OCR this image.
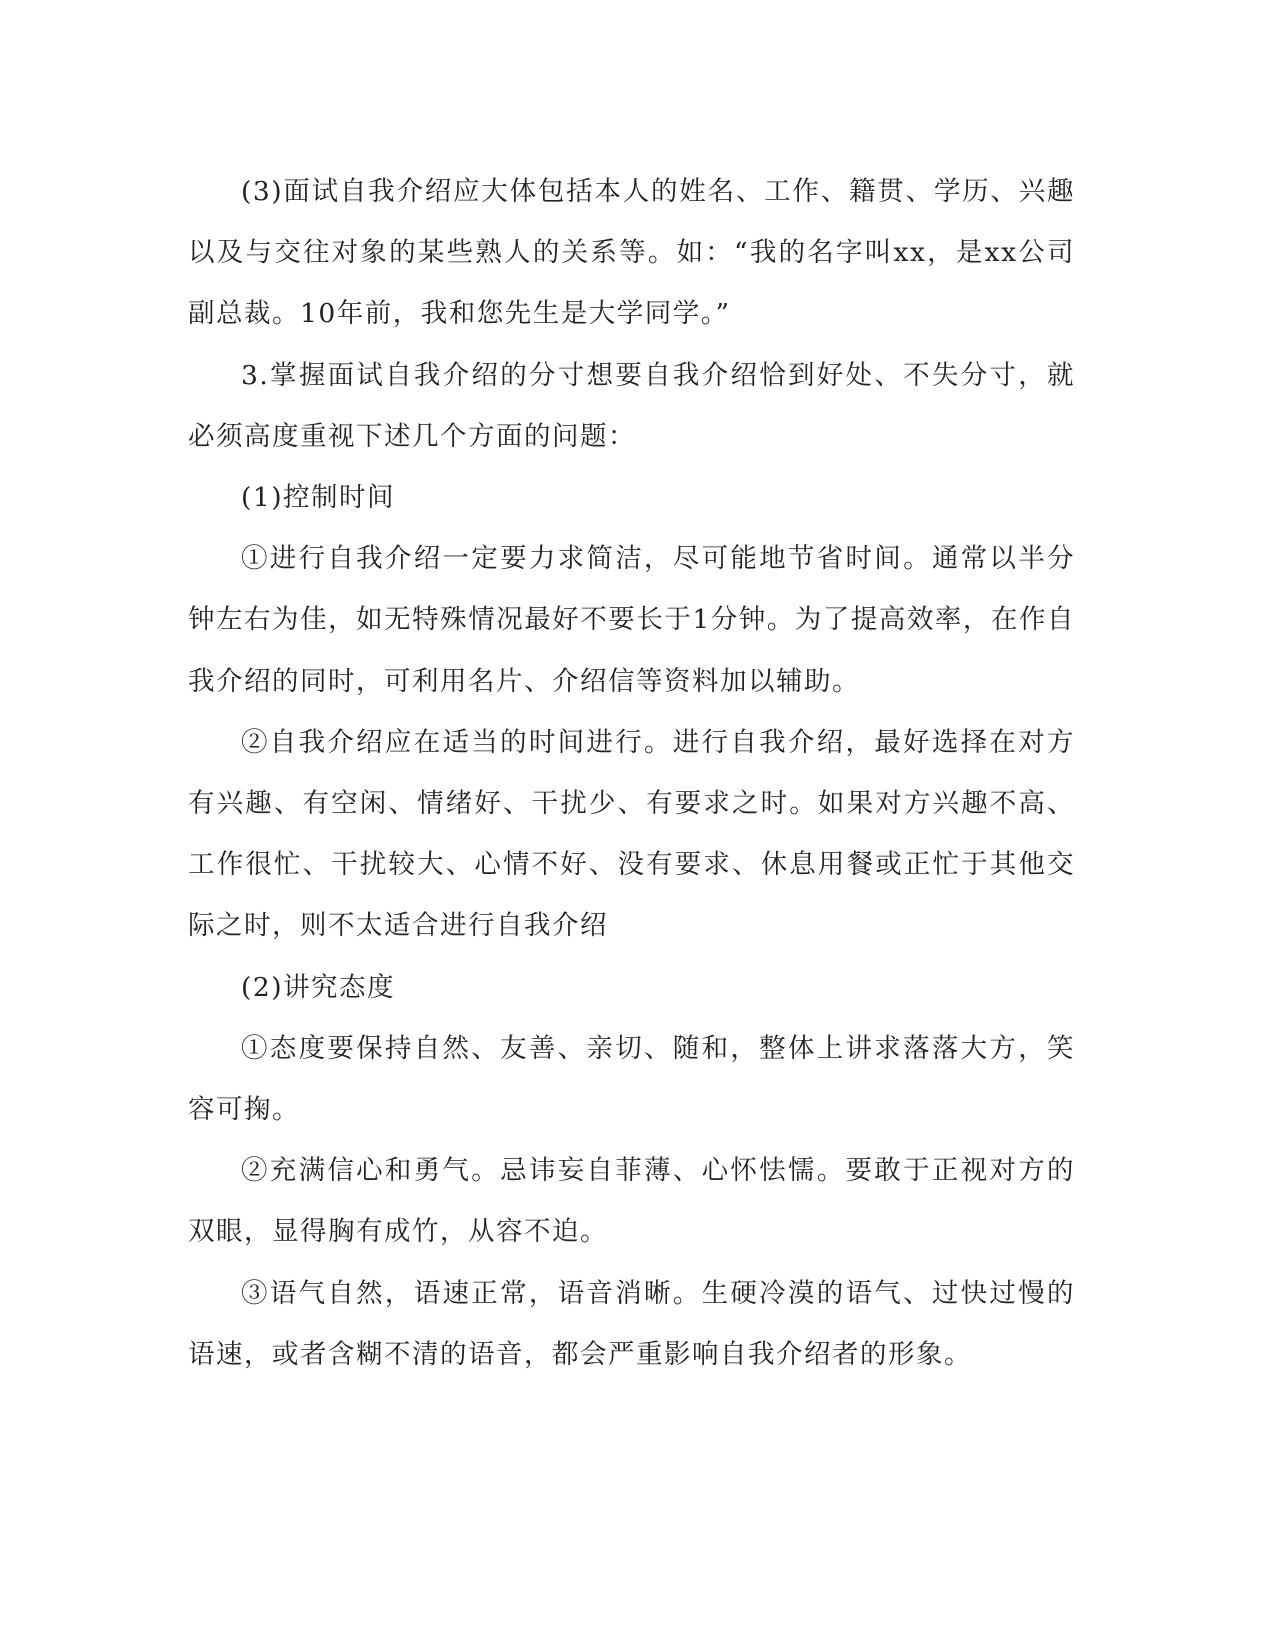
(3)面试自我介绍应大体包括本人的姓名、工作、籍贯、学历、兴趣以及与交往对象的某些熟人的关系等。如：“我的名字叫xx，是xx公司副总裁。10年前，我和您先生是大学同学。”

3.掌握面试自我介绍的分寸想要自我介绍恰到好处、不失分寸，就必须高度重视下述几个方面的问题：

(1)控制时间

①进行自我介绍一定要力求简洁，尽可能地节省时间。通常以半分钟左右为佳，如无特殊情况最好不要长于1分钟。为了提高效率，在作自我介绍的同时，可利用名片、介绍信等资料加以辅助。

②自我介绍应在适当的时间进行。进行自我介绍，最好选择在对方有兴趣、有空闲、情绪好、干扰少、有要求之时。如果对方兴趣不高、工作很忙、干扰较大、心情不好、没有要求、休息用餐或正忙于其他交际之时，则不太适合进行自我介绍

(2)讲究态度

①态度要保持自然、友善、亲切、随和，整体上讲求落落大方，笑容可掬。

②充满信心和勇气。忌讳妄自菲薄、心怀怯懦。要敢于正视对方的双眼，显得胸有成竹，从容不迫。

③语气自然，语速正常，语音消晰。生硬冷漠的语气、过快过慢的语速，或者含糊不清的语音，都会严重影响自我介绍者的形象。
